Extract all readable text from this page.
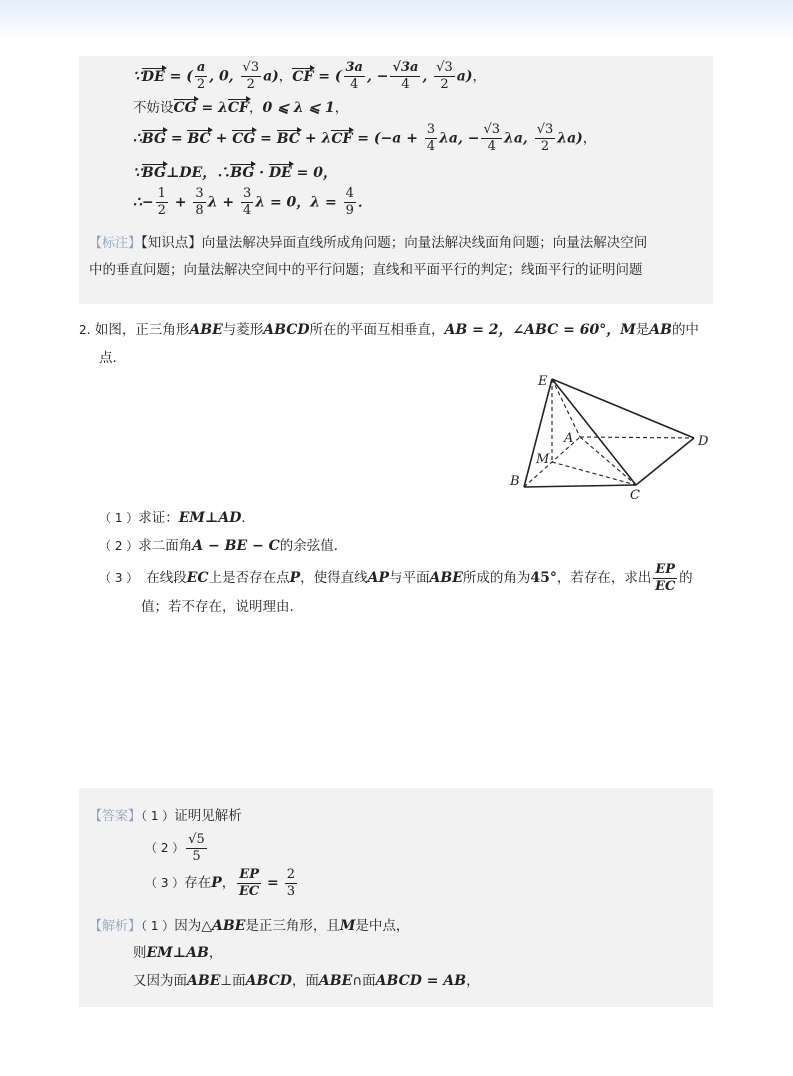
∵DE = ( $\frac{a}{2}$ , 0, $\frac{√3}{2} a$)，CF = ( $\frac{3a}{4}$ , − $\frac{√3a}{4}$ , $\frac{√3}{2} a$)，
不妨设CG = λCF，0 ⩽ λ ⩽ 1，
∴BG = BC + CG = BC + $\lambda CF = (-a + \frac{3}{4} \lambda a$, − $\frac{√3}{4} \lambda a$, $\frac{√3}{2} \lambda a$)，
∵BG⊥DE，∴BG · DE = 0，
∴− $\frac{1}{2} + \frac{3}{8}$ $\lambda + \frac{3}{4}$ λ = 0，$\lambda = \frac{4}{9}$ ．
【标注】【知识点】向量法解决异面直线所成角问题；向量法解决线面角问题；向量法解决空间
中的垂直问题；向量法解决空间中的平行问题；直线和平面平行的判定；线面平行的证明问题
2. 如图，正三角形ABE与菱形ABCD所在的平面互相垂直，AB = 2，∠ABC = 60°，M是AB的中
点．
E
A	D
M
B
C
（ 1 ）求证：EM⊥AD．
（ 2 ）求二面角A − BE − C的余弦值．
（ 3 ） 在线段 EC 上是否存在点 P ，使得直线 AP 与平面 ABE 所成的角为 45° ，若存在，求出 $\frac{EP}{EC}$ 的
值；若不存在，说明理由．
【答案】（ 1 ）证明见解析
（ 2 ） $\frac{√5}{5}$
（ 3 ） 存在 P ， $\frac{EP}{EC} = \frac{2}{3}$
【解析】（ 1 ）因为△ABE是正三角形，且M是中点，
则EM⊥AB，
又因为面ABE⊥面ABCD，面ABE∩面ABCD = AB，
